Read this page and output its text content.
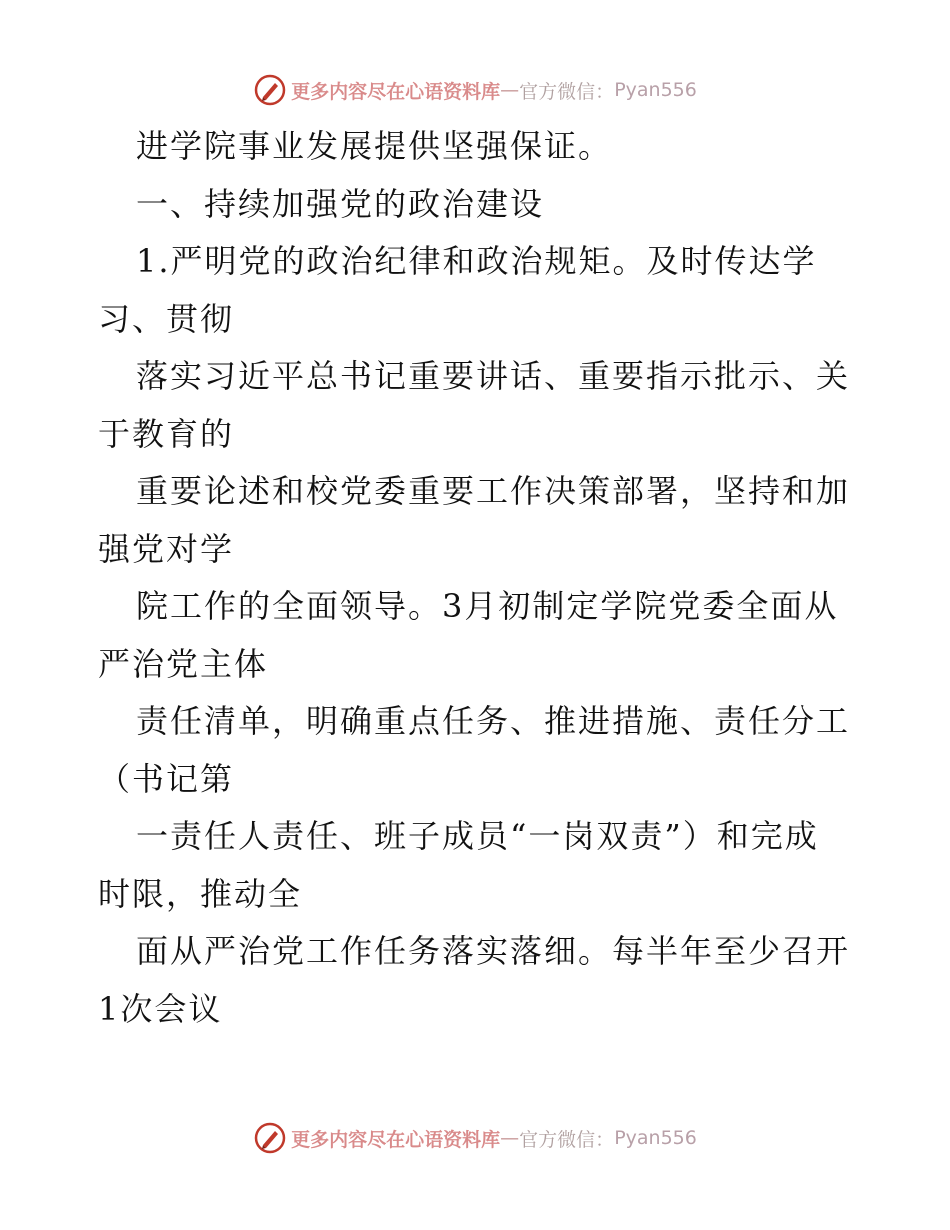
更多内容尽在心语资料库 — 官方微信： Pyan556
进学院事业发展提供坚强保证。
一、持续加强党的政治建设
1.严明党的政治纪律和政治规矩。及时传达学
习、贯彻
落实习近平总书记重要讲话、重要指示批示、关
于教育的
重要论述和校党委重要工作决策部署，坚持和加
强党对学
院工作的全面领导。3月初制定学院党委全面从
严治党主体
责任清单，明确重点任务、推进措施、责任分工
（书记第
一责任人责任、班子成员“一岗双责”）和完成
时限，推动全
面从严治党工作任务落实落细。每半年至少召开
1次会议
更多内容尽在心语资料库 — 官方微信： Pyan556
